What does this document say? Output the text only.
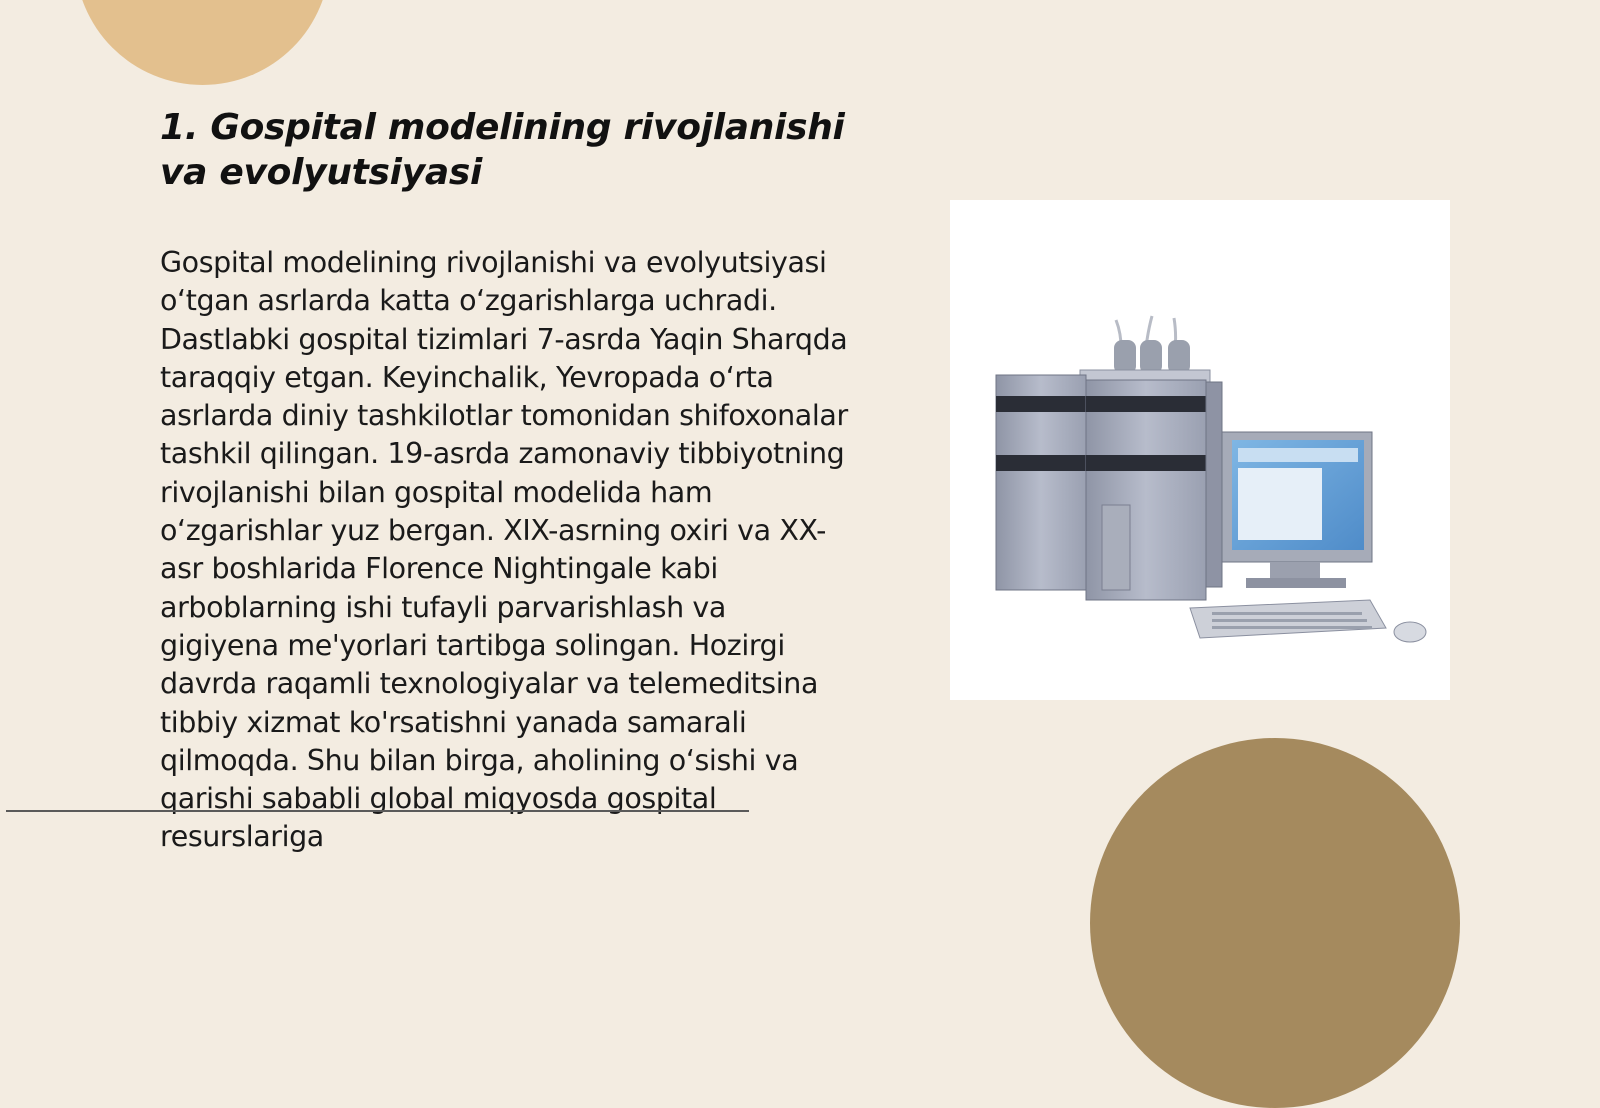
1. Gospital modelining rivojlanishi va evolyutsiyasi

Gospital modelining rivojlanishi va evolyutsiyasi o‘tgan asrlarda katta o‘zgarishlarga uchradi. Dastlabki gospital tizimlari 7-asrda Yaqin Sharqda taraqqiy etgan. Keyinchalik, Yevropada o‘rta asrlarda diniy tashkilotlar tomonidan shifoxonalar tashkil qilingan. 19-asrda zamonaviy tibbiyotning rivojlanishi bilan gospital modelida ham o‘zgarishlar yuz bergan. XIX-asrning oxiri va XX-asr boshlarida Florence Nightingale kabi arboblarning ishi tufayli parvarishlash va gigiyena me'yorlari tartibga solingan. Hozirgi davrda raqamli texnologiyalar va telemeditsina tibbiy xizmat ko'rsatishni yanada samarali qilmoqda. Shu bilan birga, aholining o‘sishi va qarishi sababli global miqyosda gospital resurslariga
